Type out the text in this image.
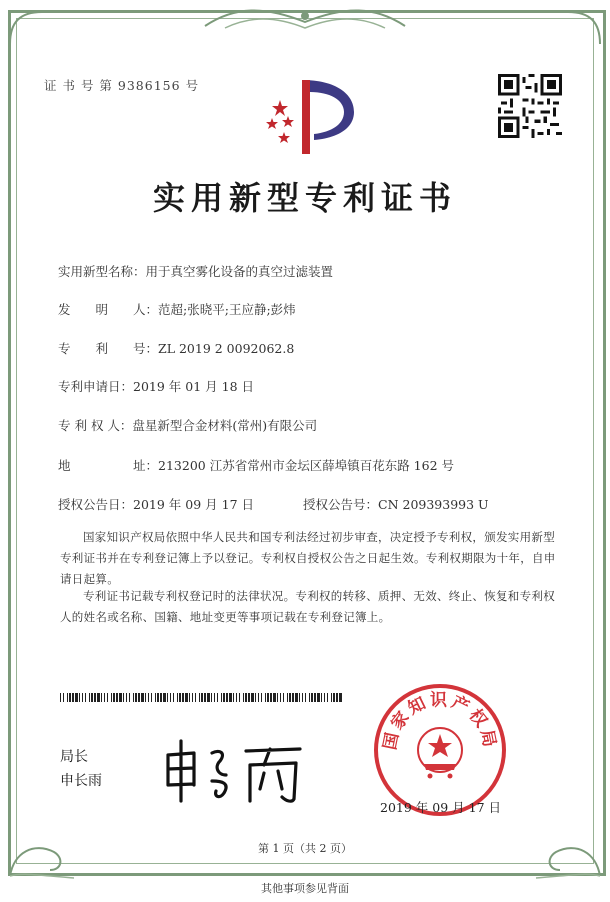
证 书 号 第 9386156 号
实用新型专利证书
实用新型名称：用于真空雾化设备的真空过滤装置
发　　明　　人：范超;张晓平;王应静;彭炜
专　　利　　号：ZL 2019 2 0092062.8
专利申请日：2019 年 01 月 18 日
专 利 权 人：盘星新型合金材料(常州)有限公司
地　　　　　址：213200 江苏省常州市金坛区薛埠镇百花东路 162 号
授权公告日：2019 年 09 月 17 日	授权公告号：CN 209393993 U
国家知识产权局依照中华人民共和国专利法经过初步审查，决定授予专利权，颁发实用新型专利证书并在专利登记簿上予以登记。专利权自授权公告之日起生效。专利权期限为十年，自申请日起算。
专利证书记载专利权登记时的法律状况。专利权的转移、质押、无效、终止、恢复和专利权人的姓名或名称、国籍、地址变更等事项记载在专利登记簿上。
局长
申长雨
国家知识产权局
2019 年 09 月 17 日
第 1 页（共 2 页）
其他事项参见背面
